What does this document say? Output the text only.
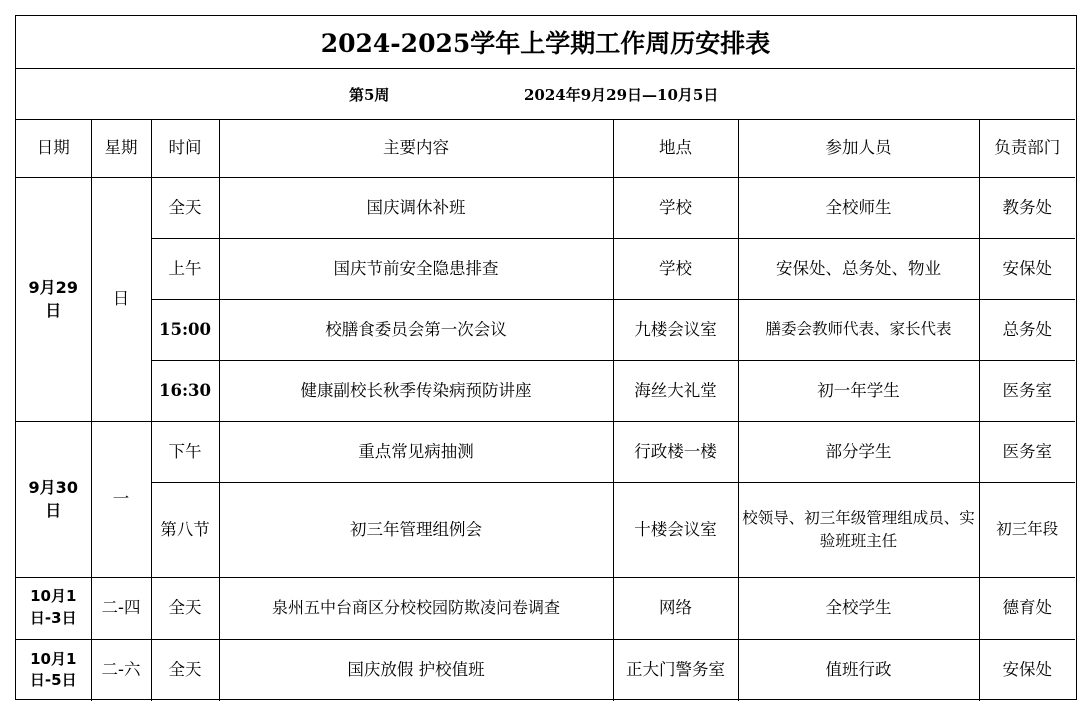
2024-2025学年上学期工作周历安排表
第5周	2024年9月29日—10月5日
日期	星期	时间	主要内容	地点	参加人员	负责部门
9月29日	日	全天	国庆调休补班	学校	全校师生	教务处
		上午	国庆节前安全隐患排查	学校	安保处、总务处、物业	安保处
		15:00	校膳食委员会第一次会议	九楼会议室	膳委会教师代表、家长代表	总务处
		16:30	健康副校长秋季传染病预防讲座	海丝大礼堂	初一年学生	医务室
9月30日	一	下午	重点常见病抽测	行政楼一楼	部分学生	医务室
		第八节	初三年管理组例会	十楼会议室	校领导、初三年级管理组成员、实验班班主任	初三年段
10月1日-3日	二-四	全天	泉州五中台商区分校校园防欺凌问卷调查	网络	全校学生	德育处
10月1日-5日	二-六	全天	国庆放假 护校值班	正大门警务室	值班行政	安保处
